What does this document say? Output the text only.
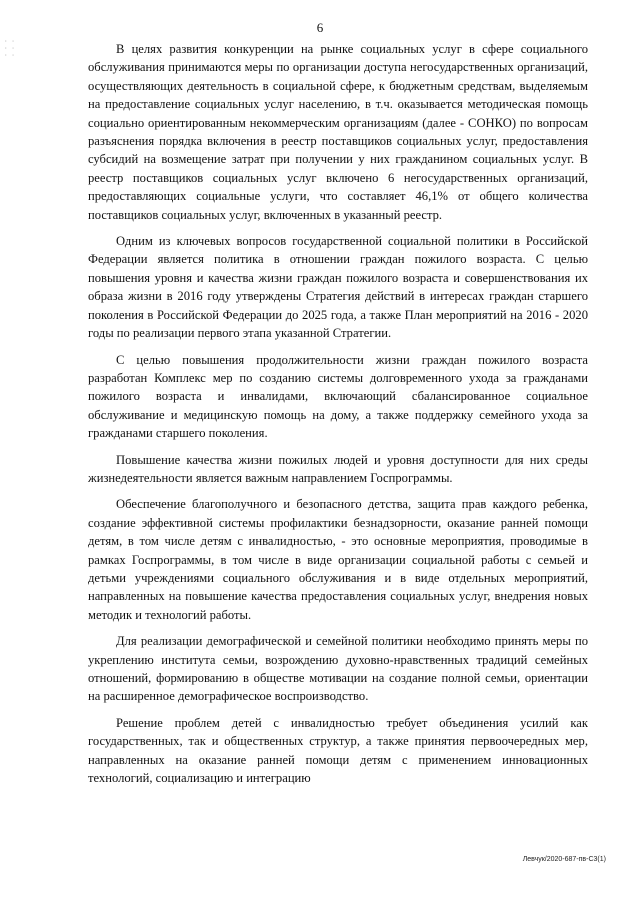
6
· ·
· ·
· ·	В целях развития конкуренции на рынке социальных услуг в сфере социального обслуживания принимаются меры по организации доступа негосударственных организаций, осуществляющих деятельность в социальной сфере, к бюджетным средствам, выделяемым на предоставление социальных услуг населению, в т.ч. оказывается методическая помощь социально ориентированным некоммерческим организациям (далее - СОНКО) по вопросам разъяснения порядка включения в реестр поставщиков социальных услуг, предоставления субсидий на возмещение затрат при получении у них гражданином социальных услуг. В реестр поставщиков социальных услуг включено 6 негосударственных организаций, предоставляющих социальные услуги, что составляет 46,1% от общего количества поставщиков социальных услуг, включенных в указанный реестр.

Одним из ключевых вопросов государственной социальной политики в Российской Федерации является политика в отношении граждан пожилого возраста. С целью повышения уровня и качества жизни граждан пожилого возраста и совершенствования их образа жизни в 2016 году утверждены Стратегия действий в интересах граждан старшего поколения в Российской Федерации до 2025 года, а также План мероприятий на 2016 - 2020 годы по реализации первого этапа указанной Стратегии.

С целью повышения продолжительности жизни граждан пожилого возраста разработан Комплекс мер по созданию системы долговременного ухода за гражданами пожилого возраста и инвалидами, включающий сбалансированное социальное обслуживание и медицинскую помощь на дому, а также поддержку семейного ухода за гражданами старшего поколения.

Повышение качества жизни пожилых людей и уровня доступности для них среды жизнедеятельности является важным направлением Госпрограммы.

Обеспечение благополучного и безопасного детства, защита прав каждого ребенка, создание эффективной системы профилактики безнадзорности, оказание ранней помощи детям, в том числе детям с инвалидностью, - это основные мероприятия, проводимые в рамках Госпрограммы, в том числе в виде организации социальной работы с семьей и детьми учреждениями социального обслуживания и в виде отдельных мероприятий, направленных на повышение качества предоставления социальных услуг, внедрения новых методик и технологий работы.

Для реализации демографической и семейной политики необходимо принять меры по укреплению института семьи, возрождению духовно-нравственных традиций семейных отношений, формированию в обществе мотивации на создание полной семьи, ориентации на расширенное демографическое воспроизводство.

Решение проблем детей с инвалидностью требует объединения усилий как государственных, так и общественных структур, а также принятия первоочередных мер, направленных на оказание ранней помощи детям с применением инновационных технологий, социализацию и интеграцию

Левчук/2020-687-пв-С3(1)
